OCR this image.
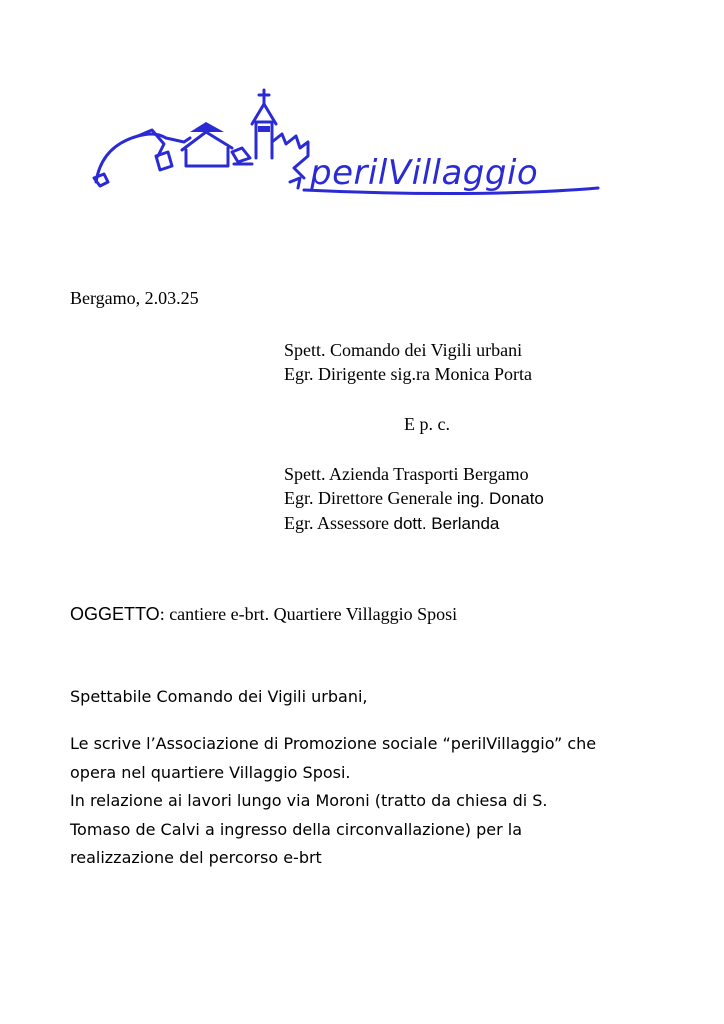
perilVillaggio
Bergamo, 2.03.25
Spett. Comando dei Vigili urbani
Egr. Dirigente sig.ra Monica Porta
E p. c.
Spett. Azienda Trasporti Bergamo
Egr. Direttore Generale ing. Donato
Egr. Assessore dott. Berlanda
OGGETTO: cantiere e-brt. Quartiere Villaggio Sposi
Spettabile Comando dei Vigili urbani,
Le scrive l’Associazione di Promozione sociale “perilVillaggio” che
opera nel quartiere Villaggio Sposi.
In relazione ai lavori lungo via Moroni (tratto da chiesa di S.
Tomaso de Calvi a ingresso della circonvallazione) per la
realizzazione del percorso e-brt
